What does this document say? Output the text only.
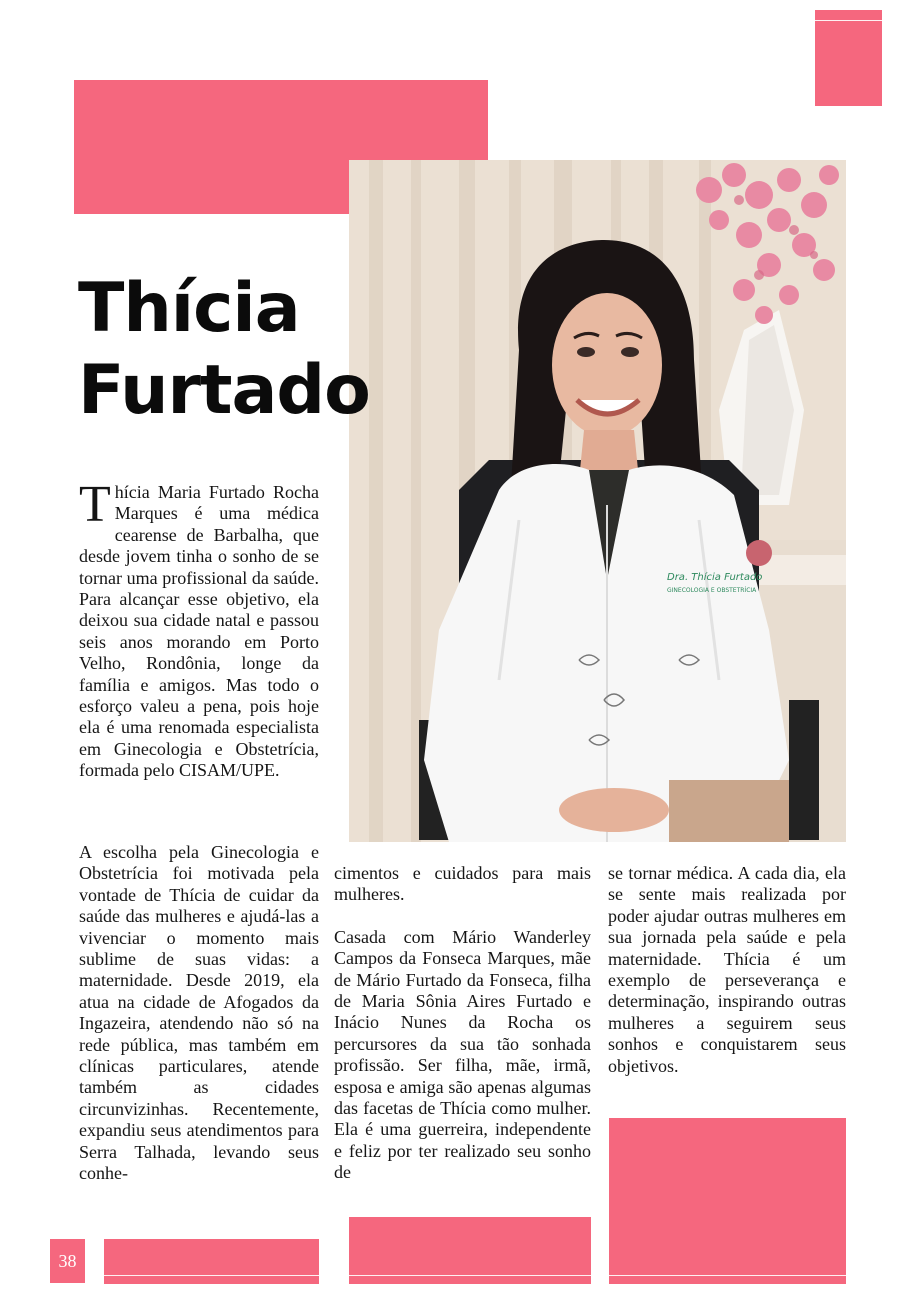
Dra. Thícia Furtado
GINECOLOGIA E OBSTETRÍCIA
Thícia
Furtado

Thícia Maria Furtado Rocha Marques é uma médica cearense de Barbalha, que desde jovem tinha o sonho de se tornar uma profissional da saúde. Para alcançar esse objetivo, ela deixou sua cidade natal e passou seis anos morando em Porto Velho, Rondônia, longe da família e amigos. Mas todo o esforço valeu a pena, pois hoje ela é uma renomada especialista em Ginecologia e Obstetrícia, formada pelo CISAM/UPE.

A escolha pela Ginecologia e Obstetrícia foi motivada pela vontade de Thícia de cuidar da saúde das mulheres e ajudá-las a vivenciar o momento mais sublime de suas vidas: a maternidade. Desde 2019, ela atua na cidade de Afogados da Ingazeira, atendendo não só na rede pública, mas também em clínicas particulares, atende também as cidades circunvizinhas. Recentemente, expandiu seus atendimentos para Serra Talhada, levando seus conhe-

cimentos e cuidados para mais mulheres.

Casada com Mário Wanderley Campos da Fonseca Marques, mãe de Mário Furtado da Fonseca, filha de Maria Sônia Aires Furtado e Inácio Nunes da Rocha os percursores da sua tão sonhada profissão. Ser filha, mãe, irmã, esposa e amiga são apenas algumas das facetas de Thícia como mulher. Ela é uma guerreira, independente e feliz por ter realizado seu sonho de

se tornar médica. A cada dia, ela se sente mais realizada por poder ajudar outras mulheres em sua jornada pela saúde e pela maternidade. Thícia é um exemplo de perseverança e determinação, inspirando outras mulheres a seguirem seus sonhos e conquistarem seus objetivos.

38
